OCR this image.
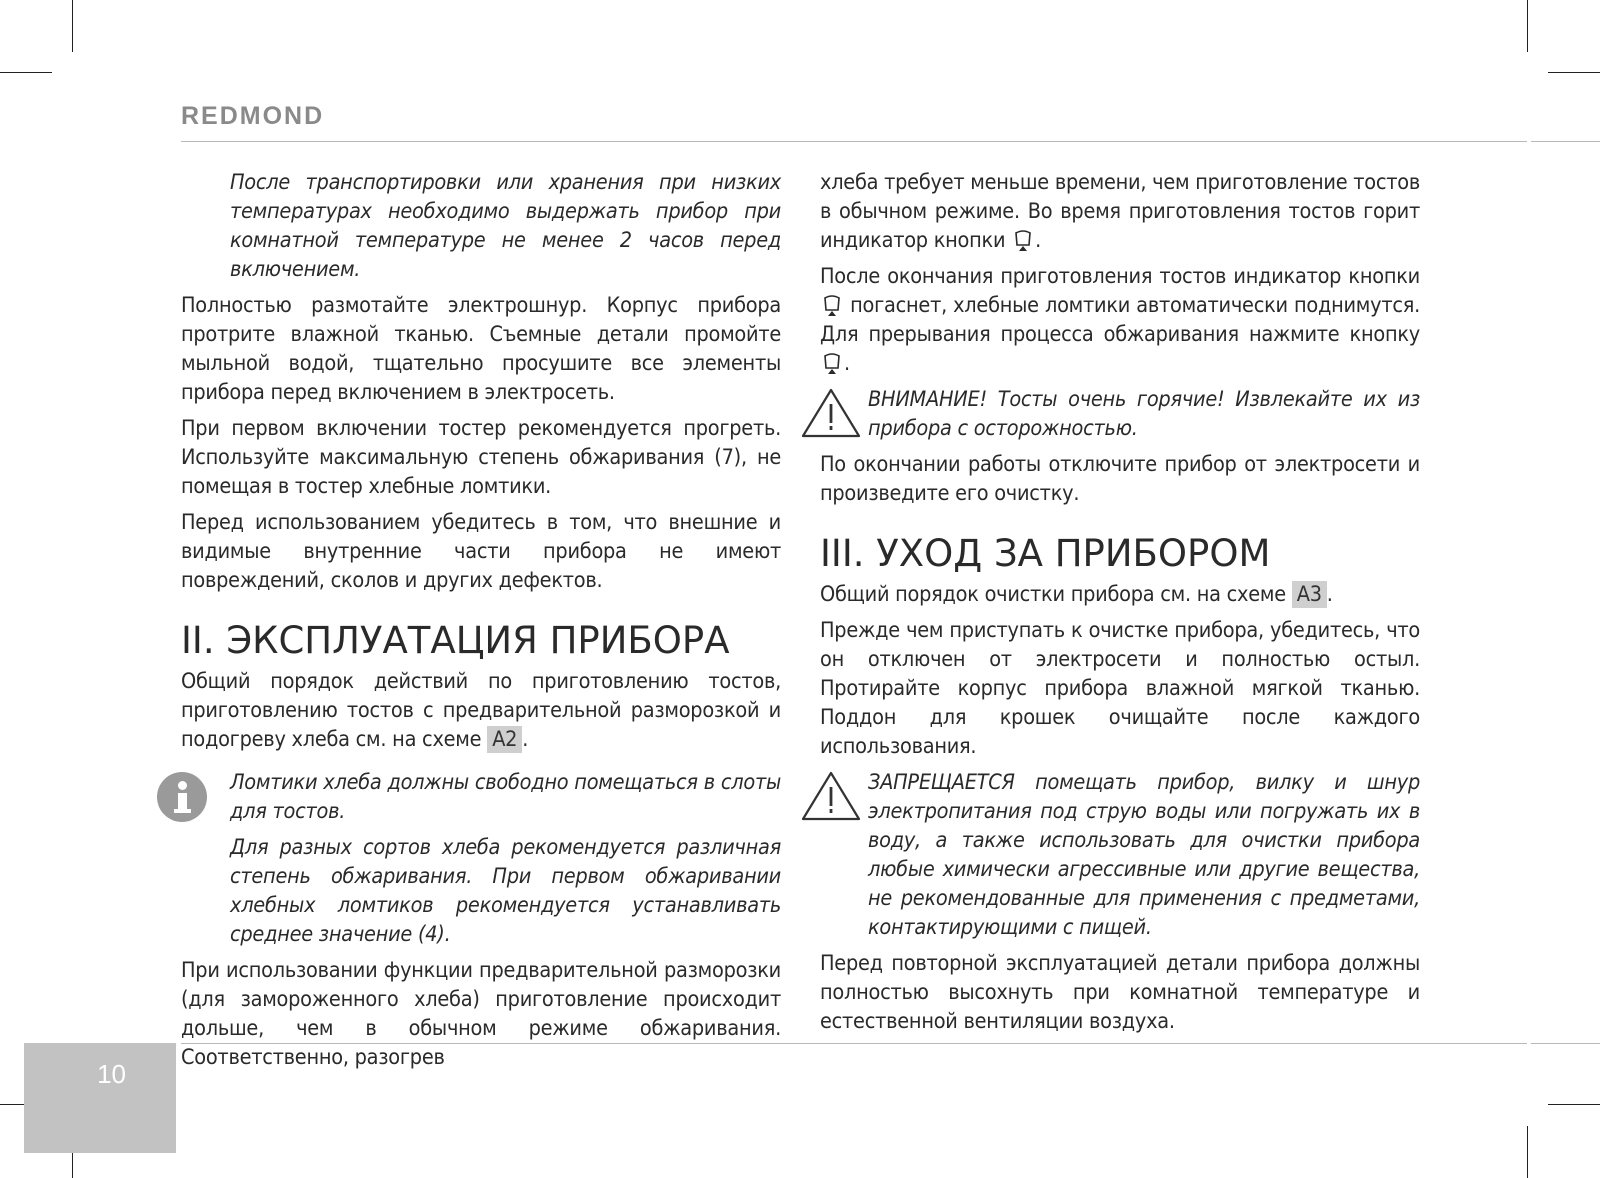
REDMOND

После транспортировки или хранения при низких температурах необходимо выдержать прибор при комнатной температуре не менее 2 часов перед включением.

Полностью размотайте электрошнур. Корпус прибора протрите влажной тканью. Съемные детали промойте мыльной водой, тщательно просушите все элементы прибора перед включением в электросеть.

При первом включении тостер рекомендуется прогреть. Используйте максимальную степень обжаривания (7), не помещая в тостер хлебные ломтики.

Перед использованием убедитесь в том, что внешние и видимые внутренние части прибора не имеют повреждений, сколов и других дефектов.

II. ЭКСПЛУАТАЦИЯ ПРИБОРА

Общий порядок действий по приготовлению тостов, приготовлению тостов с предварительной разморозкой и подогреву хлеба см. на схеме A2 .

Ломтики хлеба должны свободно помещаться в слоты для тостов.

Для разных сортов хлеба рекомендуется различная степень обжаривания. При первом обжаривании хлебных ломтиков рекомендуется устанавливать среднее значение (4).

При использовании функции предварительной разморозки (для замороженного хлеба) приготовление происходит дольше, чем в обычном режиме обжаривания. Соответственно, разогрев

хлеба требует меньше времени, чем приготовление тостов в обычном режиме. Во время приготовления тостов горит индикатор кнопки .

После окончания приготовления тостов индикатор кнопки  погаснет, хлебные ломтики автоматически поднимутся. Для прерывания процесса обжаривания нажмите кнопку .

ВНИМАНИЕ! Тосты очень горячие! Извлекайте их из прибора с осторожностью.

По окончании работы отключите прибор от электросети и произведите его очистку.

III. УХОД ЗА ПРИБОРОМ

Общий порядок очистки прибора см. на схеме A3 .

Прежде чем приступать к очистке прибора, убедитесь, что он отключен от электросети и полностью остыл. Протирайте корпус прибора влажной мягкой тканью. Поддон для крошек очищайте после каждого использования.

ЗАПРЕЩАЕТСЯ помещать прибор, вилку и шнур электропитания под струю воды или погружать их в воду, а также использовать для очистки прибора любые химически агрессивные или другие вещества, не рекомендованные для применения с предметами, контактирующими с пищей.

Перед повторной эксплуатацией детали прибора должны полностью высохнуть при комнатной температуре и естественной вентиляции воздуха.

10
